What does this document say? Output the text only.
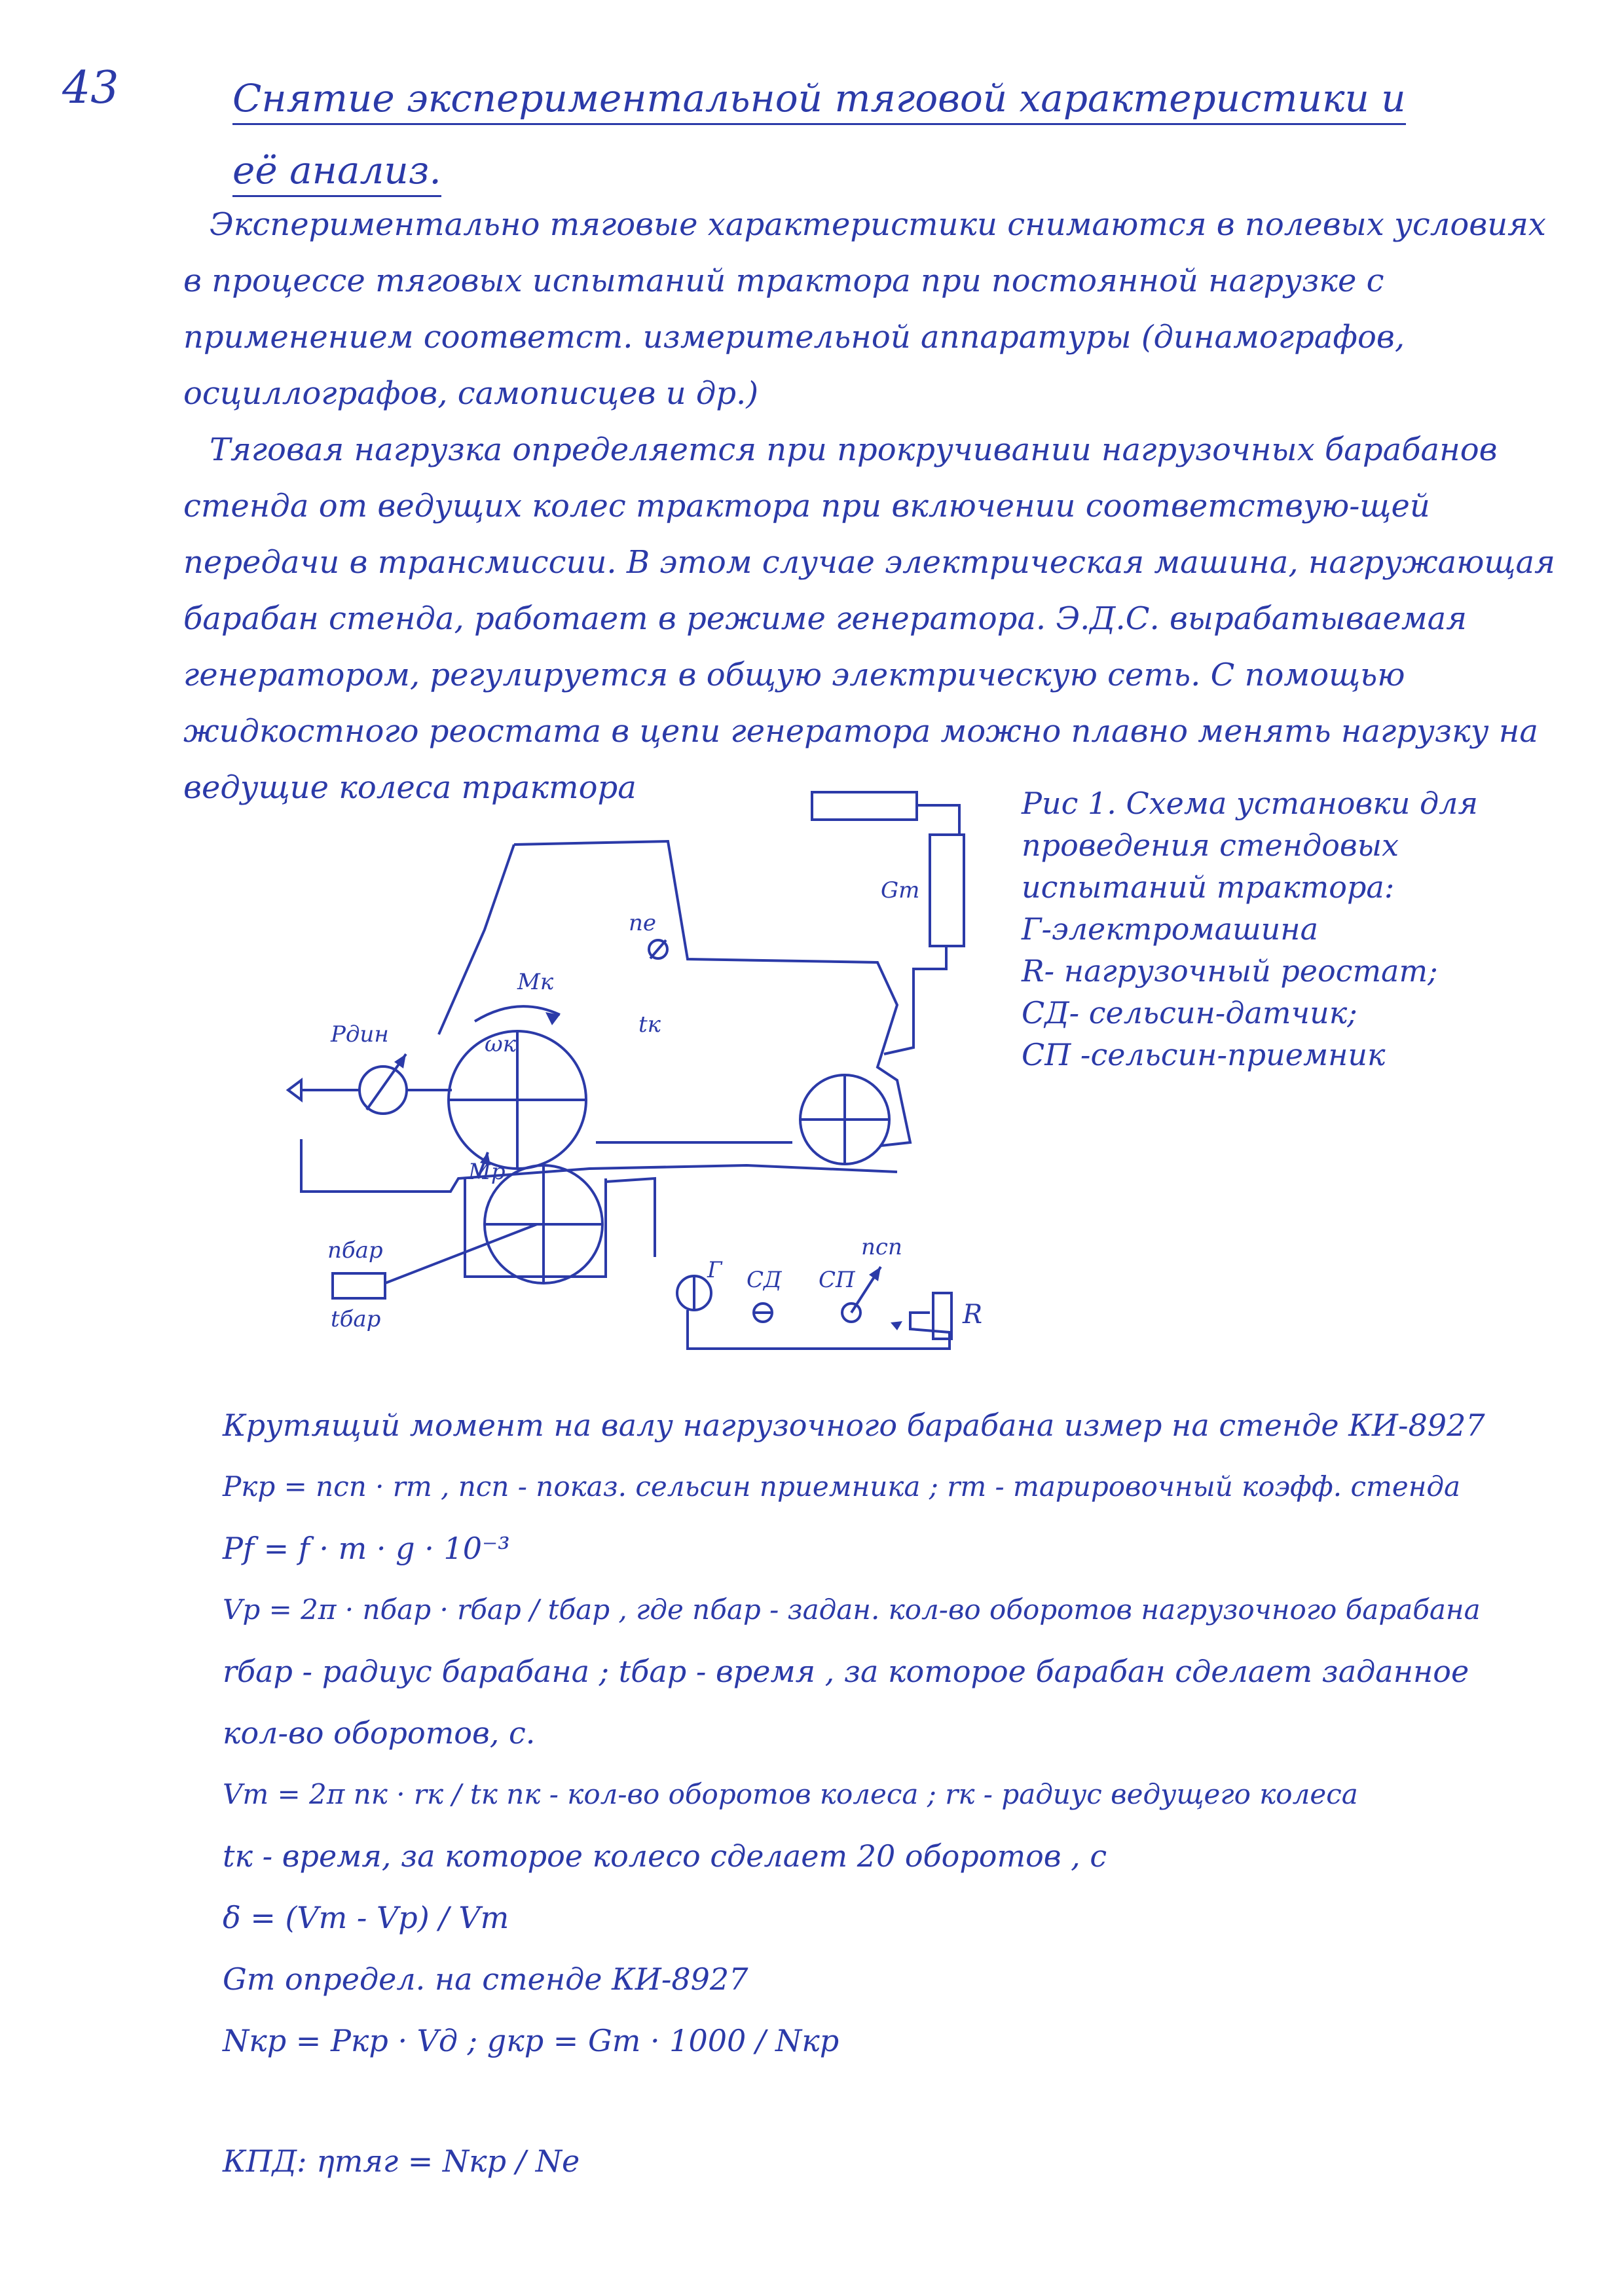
43	Снятие экспериментальной тяговой характеристики и её анализ.

Экспериментально тяговые характеристики снимаются в полевых условиях в процессе тяговых испытаний трактора при постоянной нагрузке с применением соответст. измерительной аппаратуры (динамографов, осциллографов, самописцев и др.)

Тяговая нагрузка определяется при прокручивании нагрузочных барабанов стенда от ведущих колес трактора при включении соответствую-щей передачи в трансмиссии. В этом случае электрическая машина, нагружающая барабан стенда, работает в режиме генератора. Э.Д.С. вырабатываемая генератором, регулируется в общую электрическую сеть. С помощью жидкостного реостата в цепи генератора можно плавно менять нагрузку на ведущие колеса трактора

Gт
nе
Мк
ωк
tк
Рдин
Мр
nбар
tбар
Г СД СП
nсп
R
Рис 1. Схема установки для
проведения стендовых
испытаний трактора:
Г-электромашина
R- нагрузочный реостат;
СД- сельсин-датчик;
СП -сельсин-приемник
Крутящий момент на валу нагрузочного барабана измер на стенде КИ-8927
Ркр = nсп · rт , nсп - показ. сельсин приемника ; rт - тарировочный коэфф. стенда
Рf = f · m · g · 10⁻³
Vр = 2π · nбар · rбар / tбар , где nбар - задан. кол-во оборотов нагрузочного барабана
rбар - радиус барабана ; tбар - время , за которое барабан сделает заданное
кол-во оборотов, с.
Vт = 2π nк · rк / tк nк - кол-во оборотов колеса ; rк - радиус ведущего колеса
tк - время, за которое колесо сделает 20 оборотов , с
δ = (Vт - Vр) / Vт
Gт определ. на стенде КИ-8927
Nкр = Ркр · Vд ; gкр = Gт · 1000 / Nкр
КПД: ηтяг = Nкр / Ne
